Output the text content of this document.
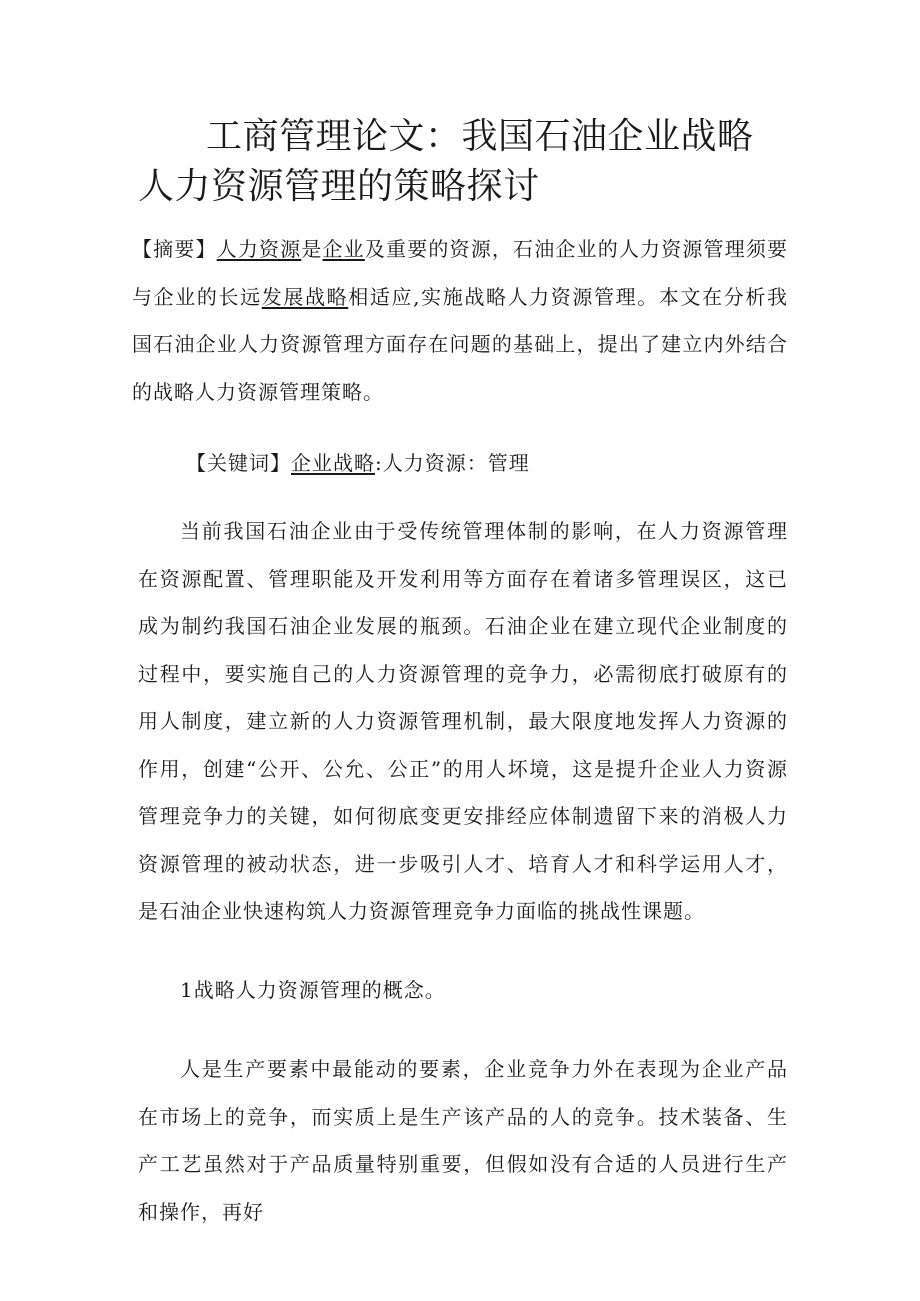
工商管理论文：我国石油企业战略人力资源管理的策略探讨

【摘要】人力资源是企业及重要的资源，石油企业的人力资源管理须要与企业的长远发展战略相适应,实施战略人力资源管理。本文在分析我国石油企业人力资源管理方面存在问题的基础上，提出了建立内外结合的战略人力资源管理策略。

【关键词】企业战略:人力资源：管理

当前我国石油企业由于受传统管理体制的影响，在人力资源管理在资源配置、管理职能及开发利用等方面存在着诸多管理误区，这已成为制约我国石油企业发展的瓶颈。石油企业在建立现代企业制度的过程中，要实施自己的人力资源管理的竞争力，必需彻底打破原有的用人制度，建立新的人力资源管理机制，最大限度地发挥人力资源的作用，创建“公开、公允、公正”的用人坏境，这是提升企业人力资源管理竞争力的关键，如何彻底变更安排经应体制遗留下来的消极人力资源管理的被动状态，进一步吸引人才、培育人才和科学运用人才，是石油企业快速构筑人力资源管理竞争力面临的挑战性课题。

1战略人力资源管理的概念。

人是生产要素中最能动的要素，企业竞争力外在表现为企业产品在市场上的竞争，而实质上是生产该产品的人的竞争。技术装备、生产工艺虽然对于产品质量特别重要，但假如没有合适的人员进行生产和操作，再好
